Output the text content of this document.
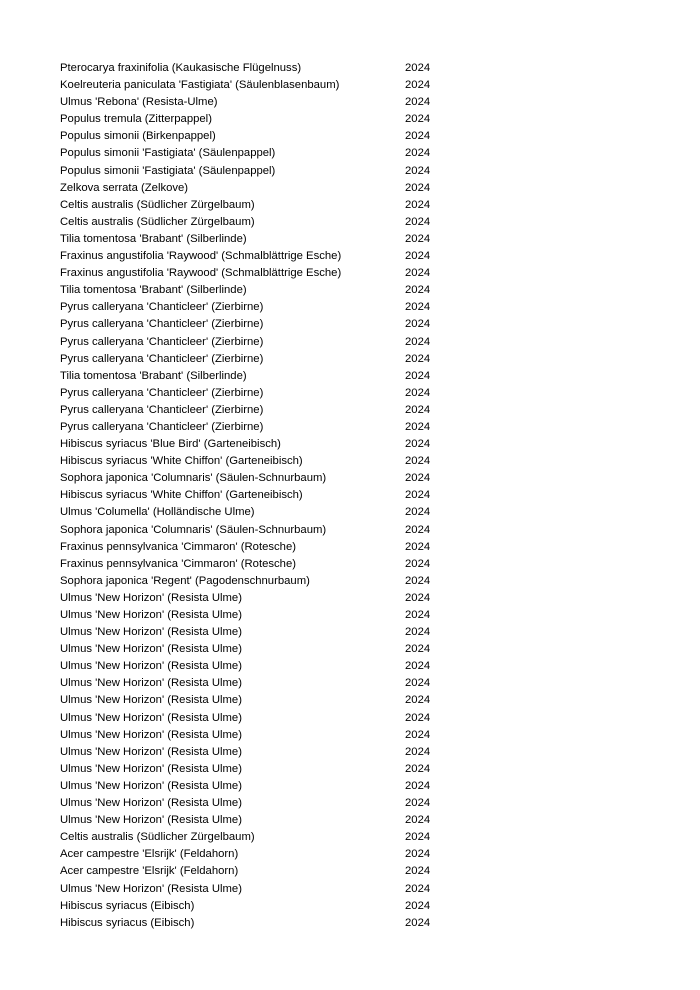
Pterocarya fraxinifolia (Kaukasische Flügelnuss)	2024	
Koelreuteria paniculata 'Fastigiata' (Säulenblasenbaum)	2024	
Ulmus 'Rebona' (Resista-Ulme)	2024	
Populus tremula (Zitterpappel)	2024	
Populus simonii (Birkenpappel)	2024	
Populus simonii 'Fastigiata' (Säulenpappel)	2024	
Populus simonii 'Fastigiata' (Säulenpappel)	2024	
Zelkova serrata (Zelkove)	2024	
Celtis australis (Südlicher Zürgelbaum)	2024	
Celtis australis (Südlicher Zürgelbaum)	2024	
Tilia tomentosa 'Brabant' (Silberlinde)	2024	
Fraxinus angustifolia 'Raywood' (Schmalblättrige Esche)	2024	
Fraxinus angustifolia 'Raywood' (Schmalblättrige Esche)	2024	
Tilia tomentosa 'Brabant' (Silberlinde)	2024	
Pyrus calleryana 'Chanticleer' (Zierbirne)	2024	
Pyrus calleryana 'Chanticleer' (Zierbirne)	2024	
Pyrus calleryana 'Chanticleer' (Zierbirne)	2024	
Pyrus calleryana 'Chanticleer' (Zierbirne)	2024	
Tilia tomentosa 'Brabant' (Silberlinde)	2024	
Pyrus calleryana 'Chanticleer' (Zierbirne)	2024	
Pyrus calleryana 'Chanticleer' (Zierbirne)	2024	
Pyrus calleryana 'Chanticleer' (Zierbirne)	2024	
Hibiscus syriacus 'Blue Bird' (Garteneibisch)	2024	
Hibiscus syriacus 'White Chiffon' (Garteneibisch)	2024	
Sophora japonica 'Columnaris' (Säulen-Schnurbaum)	2024	
Hibiscus syriacus 'White Chiffon' (Garteneibisch)	2024	
Ulmus 'Columella' (Holländische Ulme)	2024	
Sophora japonica 'Columnaris' (Säulen-Schnurbaum)	2024	
Fraxinus pennsylvanica 'Cimmaron' (Rotesche)	2024	
Fraxinus pennsylvanica 'Cimmaron' (Rotesche)	2024	
Sophora japonica 'Regent' (Pagodenschnurbaum)	2024	
Ulmus 'New Horizon' (Resista Ulme)	2024	
Ulmus 'New Horizon' (Resista Ulme)	2024	
Ulmus 'New Horizon' (Resista Ulme)	2024	
Ulmus 'New Horizon' (Resista Ulme)	2024	
Ulmus 'New Horizon' (Resista Ulme)	2024	
Ulmus 'New Horizon' (Resista Ulme)	2024	
Ulmus 'New Horizon' (Resista Ulme)	2024	
Ulmus 'New Horizon' (Resista Ulme)	2024	
Ulmus 'New Horizon' (Resista Ulme)	2024	
Ulmus 'New Horizon' (Resista Ulme)	2024	
Ulmus 'New Horizon' (Resista Ulme)	2024	
Ulmus 'New Horizon' (Resista Ulme)	2024	
Ulmus 'New Horizon' (Resista Ulme)	2024	
Ulmus 'New Horizon' (Resista Ulme)	2024	
Celtis australis (Südlicher Zürgelbaum)	2024	
Acer campestre 'Elsrijk' (Feldahorn)	2024	
Acer campestre 'Elsrijk' (Feldahorn)	2024	
Ulmus 'New Horizon' (Resista Ulme)	2024	
Hibiscus syriacus (Eibisch)	2024	
Hibiscus syriacus (Eibisch)	2024	
